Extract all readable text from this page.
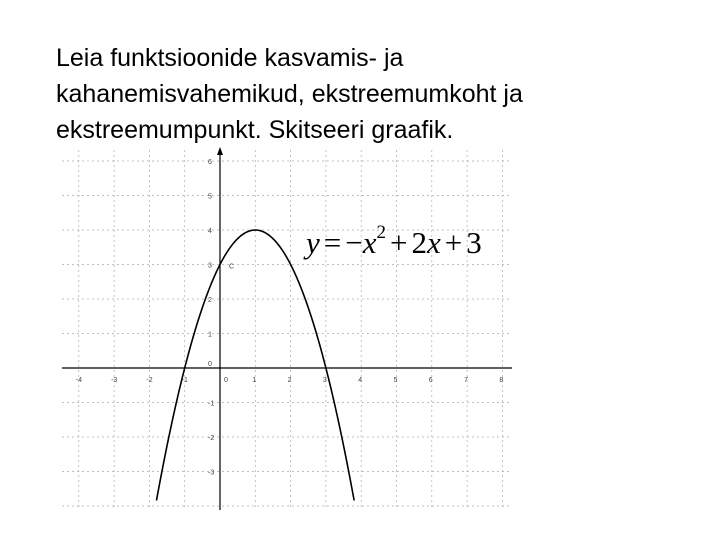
Leia funktsioonide kasvamis- ja
kahanemisvahemikud, ekstreemumkoht ja
ekstreemumpunkt. Skitseeri graafik.
-4	-3	-2	-1	0	1	2	3	4	5	6	7	8
-3
-2
-1
0
1
2
3
4
5
6
C
$y = -x^2 + 2x + 3$
